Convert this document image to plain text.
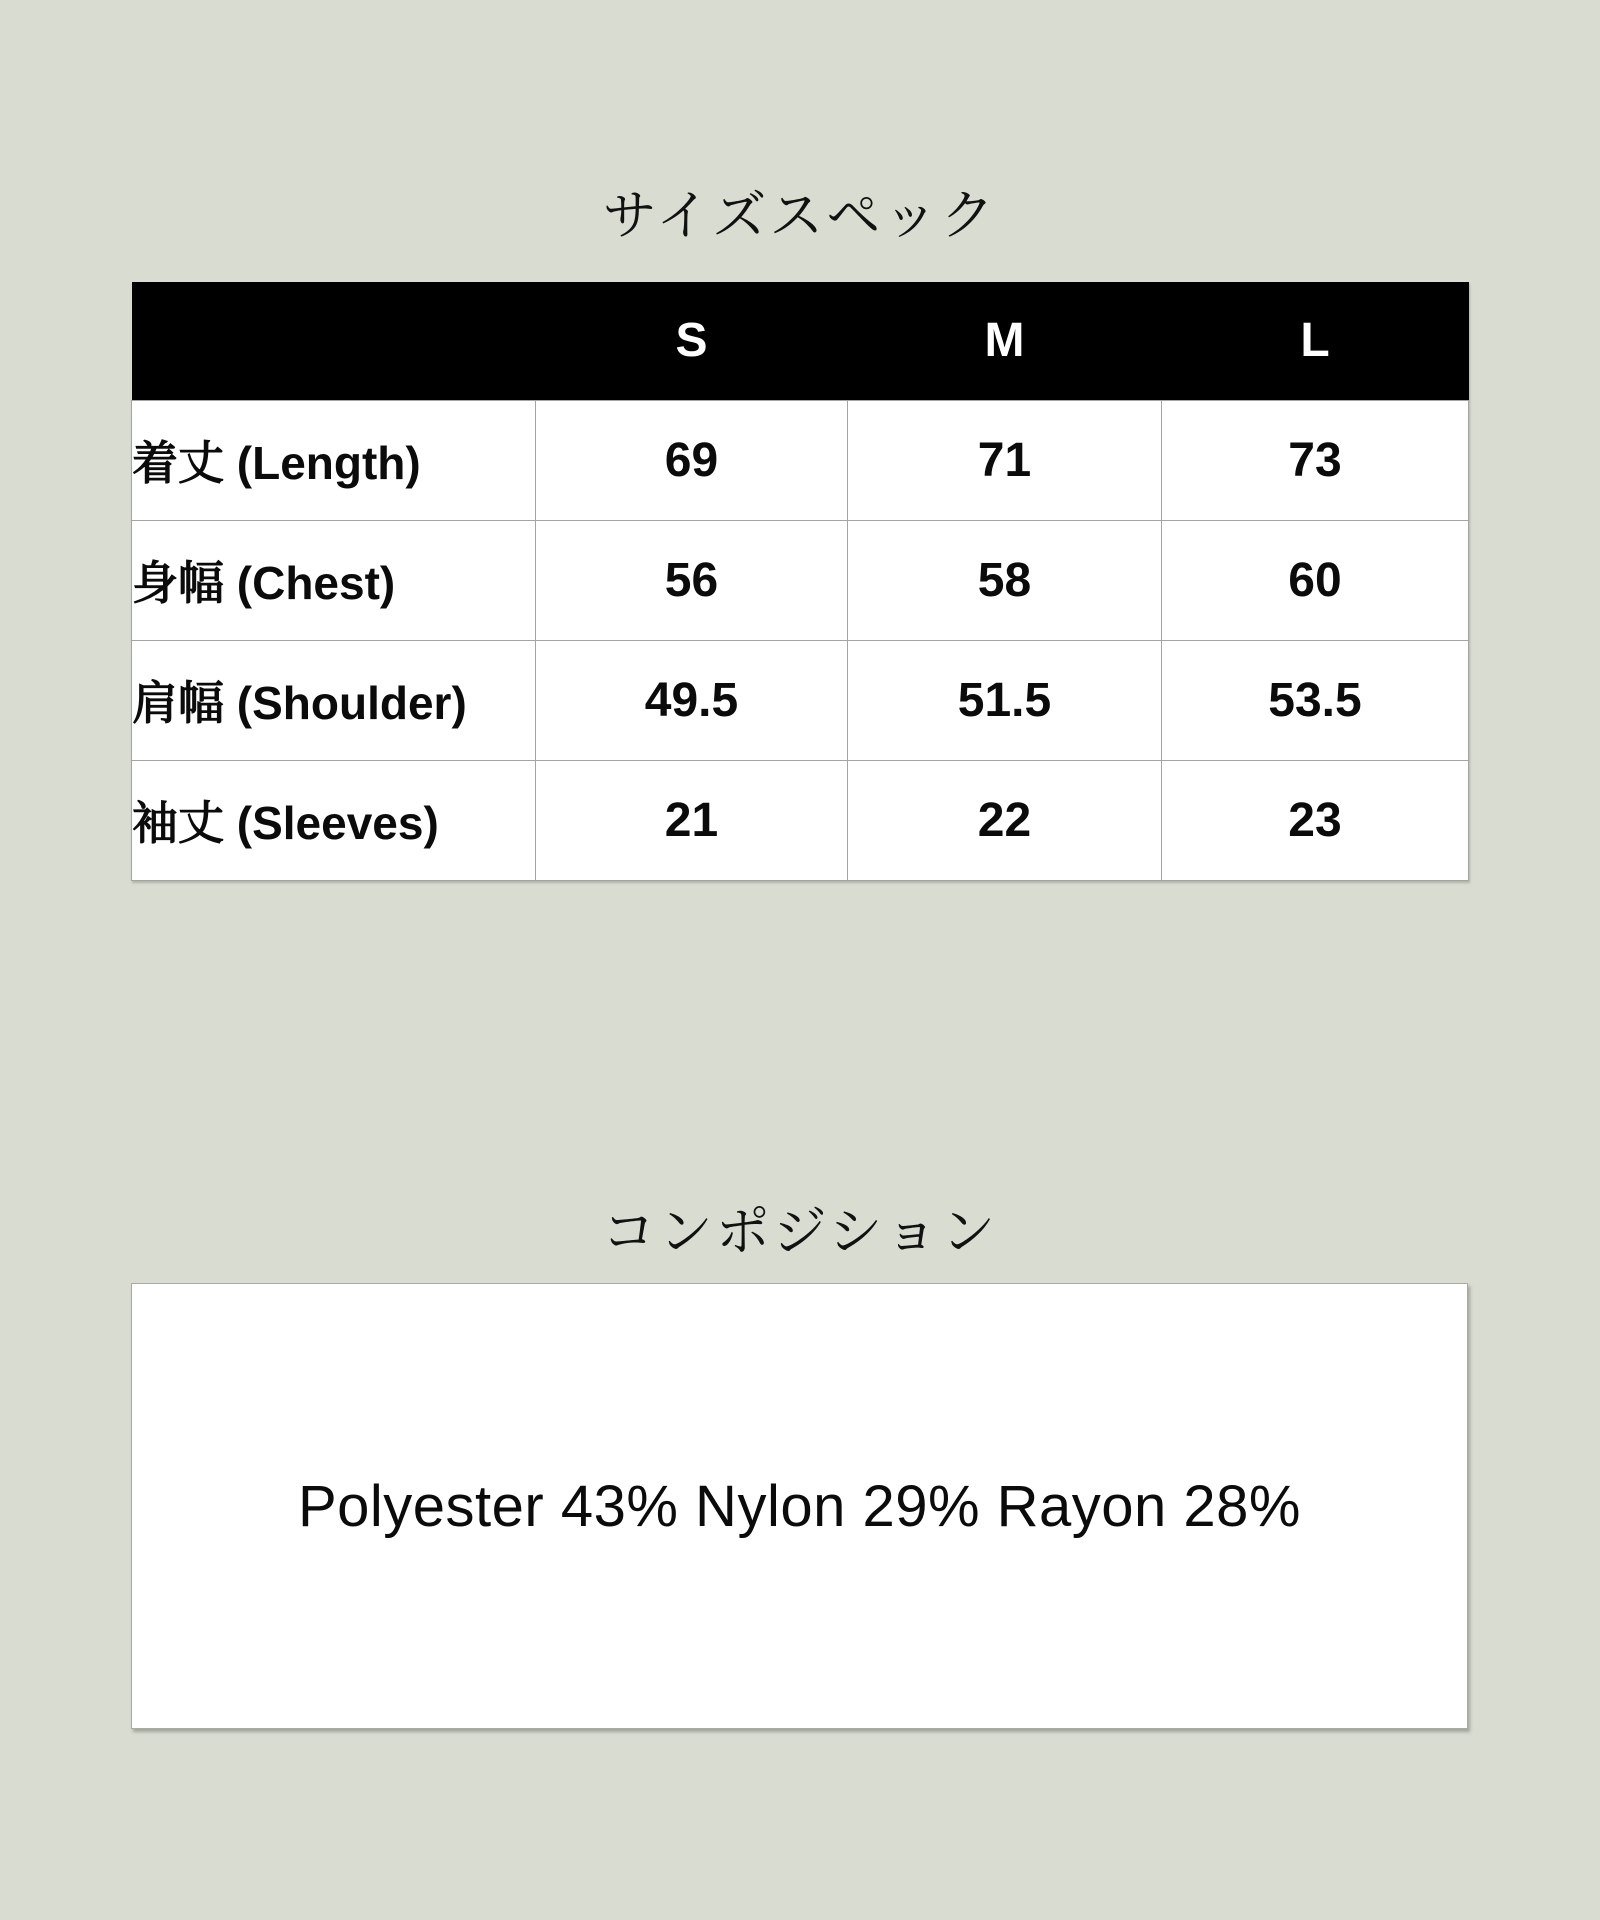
サイズスペック
	S	M	L
着丈 (Length)	69	71	73
身幅 (Chest)	56	58	60
肩幅 (Shoulder)	49.5	51.5	53.5
袖丈 (Sleeves)	21	22	23
コンポジション
Polyester 43% Nylon 29% Rayon 28%
